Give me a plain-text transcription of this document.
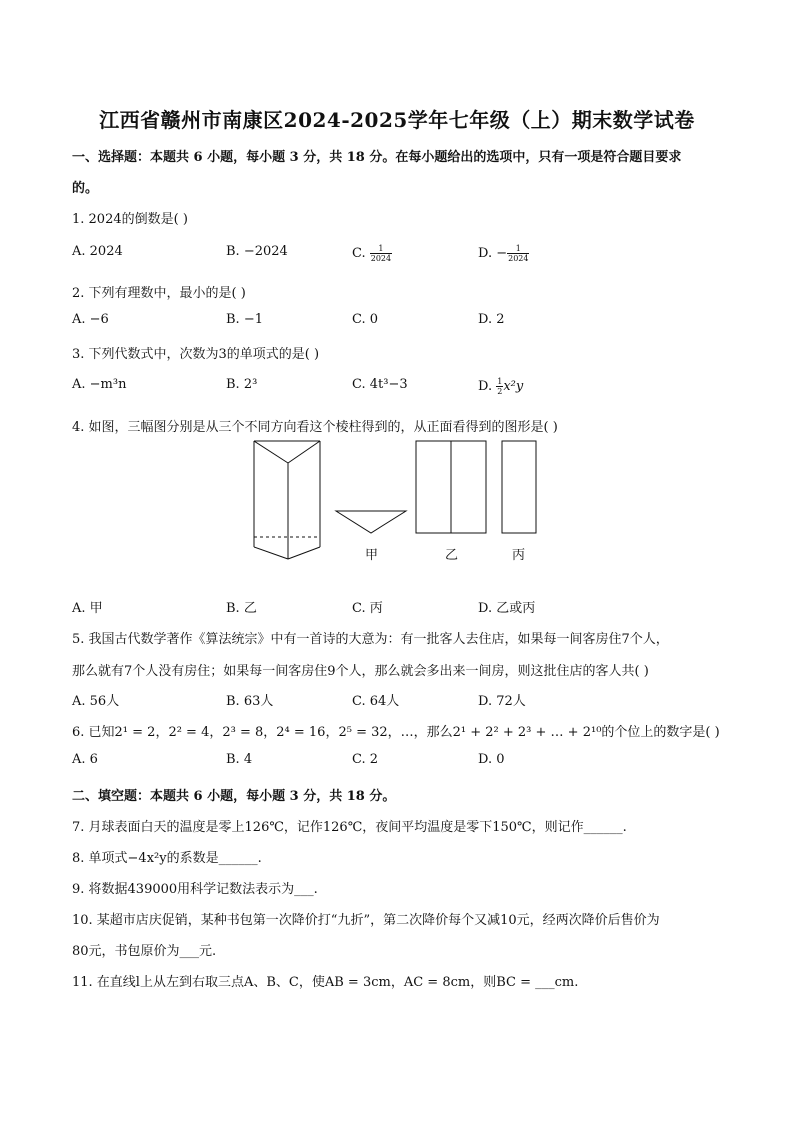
江西省赣州市南康区2024-2025学年七年级（上）期末数学试卷
一、选择题：本题共 6 小题，每小题 3 分，共 18 分。在每小题给出的选项中，只有一项是符合题目要求
的。
1. 2024的倒数是( )
A. 2024	B. −2024	C. $\frac{1}{2024}$	D. − $\frac{1}{2024}$
2. 下列有理数中，最小的是( )
A. −6	B. −1	C. 0	D. 2
3. 下列代数式中，次数为3的单项式的是( )
A. −m³n	B. 2³	C. 4t³−3	D. $\frac{1}{2} x^2y$
4. 如图，三幅图分别是从三个不同方向看这个棱柱得到的，从正面看得到的图形是( )
甲	乙	丙
A. 甲	B. 乙	C. 丙	D. 乙或丙
5. 我国古代数学著作《算法统宗》中有一首诗的大意为：有一批客人去住店，如果每一间客房住7个人，
那么就有7个人没有房住；如果每一间客房住9个人，那么就会多出来一间房，则这批住店的客人共( )
A. 56人	B. 63人	C. 64人	D. 72人
6. 已知2¹ = 2，2² = 4，2³ = 8，2⁴ = 16，2⁵ = 32，…，那么2¹ + 2² + 2³ + … + 2¹⁰的个位上的数字是( )
A. 6	B. 4	C. 2	D. 0
二、填空题：本题共 6 小题，每小题 3 分，共 18 分。
7. 月球表面白天的温度是零上126℃，记作126℃，夜间平均温度是零下150℃，则记作______.
8. 单项式−4x²y的系数是______.
9. 将数据439000用科学记数法表示为___.
10. 某超市店庆促销，某种书包第一次降价打“九折”，第二次降价每个又减10元，经两次降价后售价为
80元，书包原价为___元.
11. 在直线l上从左到右取三点A、B、C，使AB = 3cm，AC = 8cm，则BC = ___cm.
